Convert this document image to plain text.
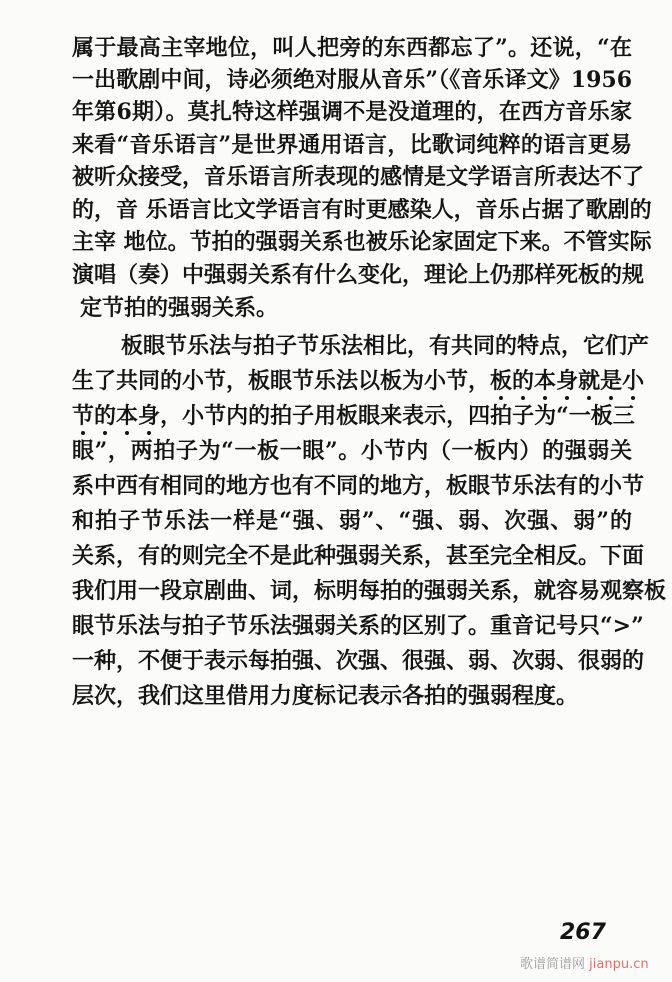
属于最高主宰地位，叫人把旁的东西都忘了”。还说，“在
一出歌剧中间，诗必须绝对服从音乐”（《音乐译文》1956
年第6期）。莫扎特这样强调不是没道理的，在西方音乐家
来看“音乐语言”是世界通用语言，比歌词纯粹的语言更易
被听众接受，音乐语言所表现的感情是文学语言所表达不了
的，音 乐语言比文学语言有时更感染人，音乐占据了歌剧的
主宰 地位。节拍的强弱关系也被乐论家固定下来。不管实际
演唱（奏）中强弱关系有什么变化，理论上仍那样死板的规
定节拍的强弱关系。
板眼节乐法与拍子节乐法相比，有共同的特点，它们产
生了共同的小节，板眼节乐法以板为小节，板的本身就是小
节的本身，小节内的拍子用板眼来表示，四拍子为“一板三
眼”，两拍子为“一板一眼”。小节内（一板内）的强弱关
系中西有相同的地方也有不同的地方，板眼节乐法有的小节
和拍子节乐法一样是“强、弱”、“强、弱、次强、弱”的
关系，有的则完全不是此种强弱关系，甚至完全相反。下面
我们用一段京剧曲、词，标明每拍的强弱关系，就容易观察板
眼节乐法与拍子节乐法强弱关系的区别了。重音记号只“>”
一种，不便于表示每拍强、次强、很强、弱、次弱、很弱的
层次，我们这里借用力度标记表示各拍的强弱程度。
267
歌谱简谱网 jianpu.cn
